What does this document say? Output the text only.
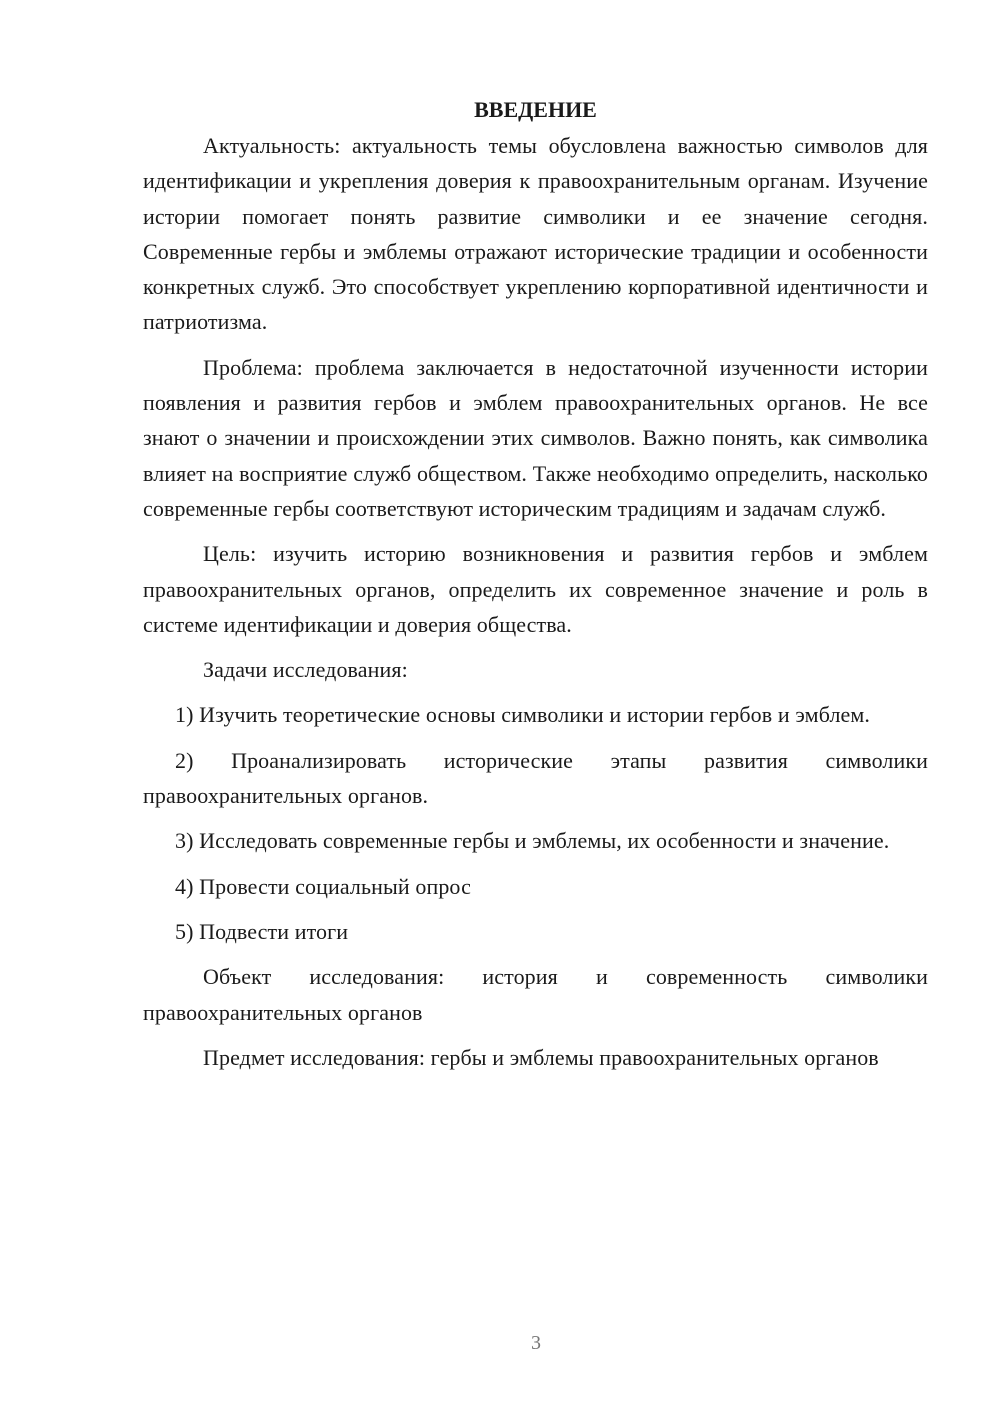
ВВЕДЕНИЕ

Актуальность: актуальность темы обусловлена важностью символов для идентификации и укрепления доверия к правоохранительным органам. Изучение истории помогает понять развитие символики и ее значение сегодня. Современные гербы и эмблемы отражают исторические традиции и особенности конкретных служб. Это способствует укреплению корпоративной идентичности и патриотизма.

Проблема: проблема заключается в недостаточной изученности истории появления и развития гербов и эмблем правоохранительных органов. Не все знают о значении и происхождении этих символов. Важно понять, как символика влияет на восприятие служб обществом. Также необходимо определить, насколько современные гербы соответствуют историческим традициям и задачам служб.

Цель: изучить историю возникновения и развития гербов и эмблем правоохранительных органов, определить их современное значение и роль в системе идентификации и доверия общества.

Задачи исследования:

1) Изучить теоретические основы символики и истории гербов и эмблем.

2) Проанализировать исторические этапы развития символики правоохранительных органов.

3) Исследовать современные гербы и эмблемы, их особенности и значение.

4) Провести социальный опрос

5) Подвести итоги

Объект исследования: история и современность символики правоохранительных органов

Предмет исследования: гербы и эмблемы правоохранительных органов

3
